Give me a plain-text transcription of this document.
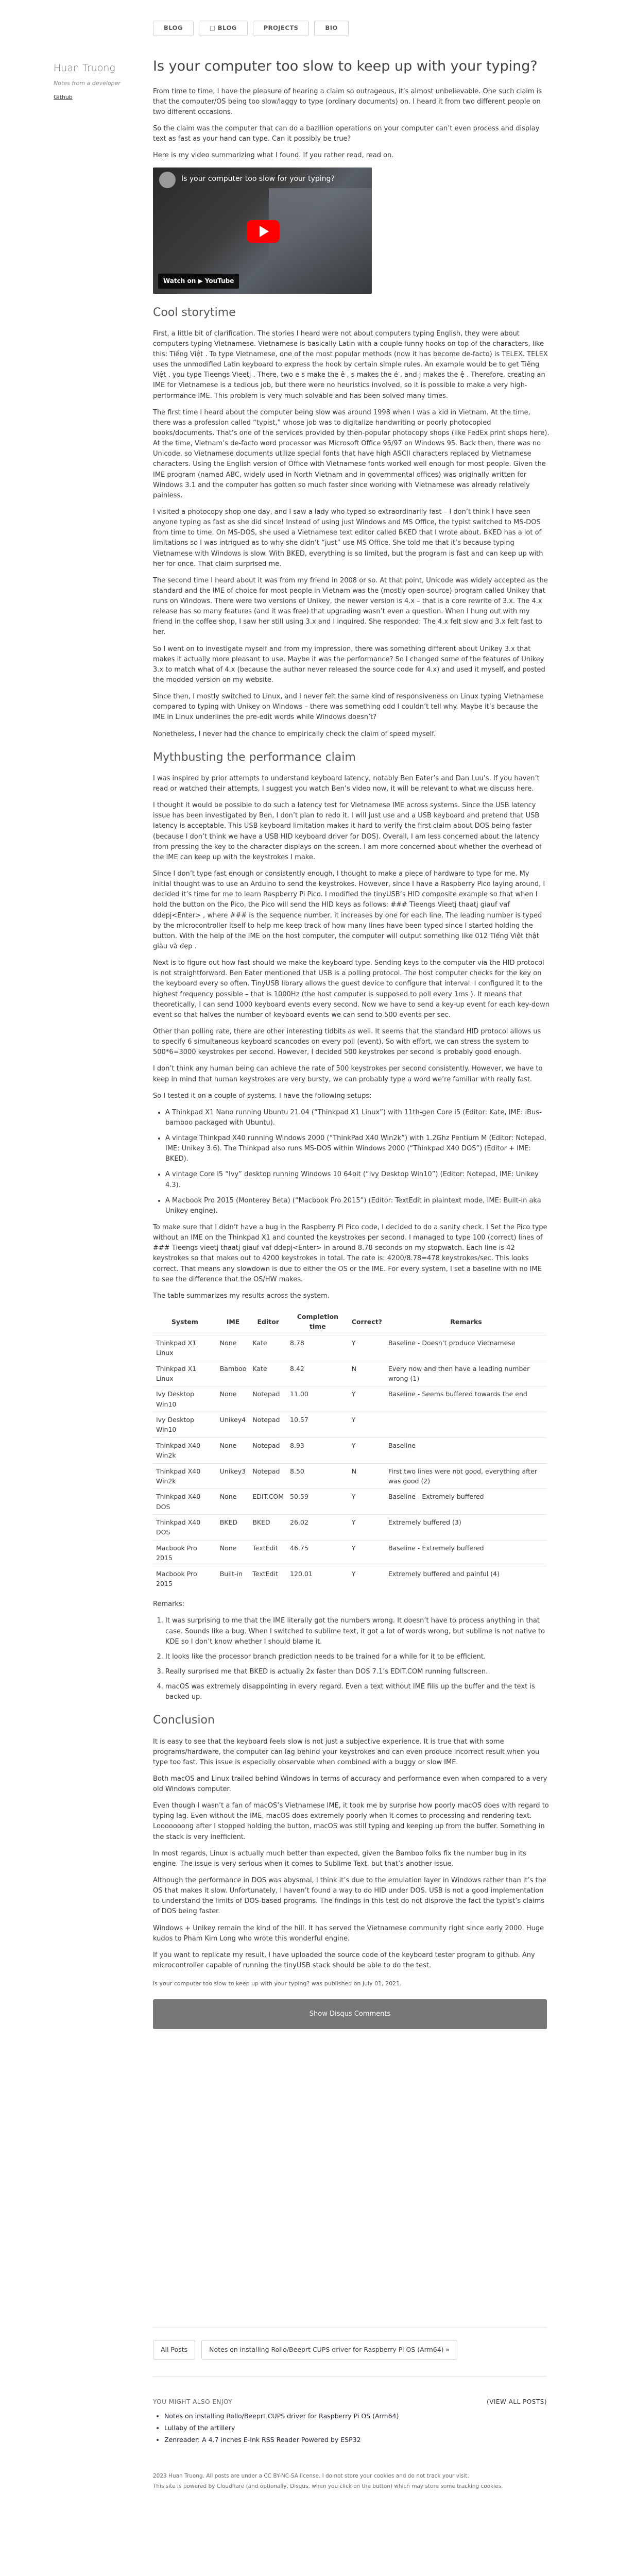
BLOG	□ BLOG	PROJECTS	BIO
Huan Truong
Notes from a developer
Github
Is your computer too slow to keep up with your typing?

From time to time, I have the pleasure of hearing a claim so outrageous, it’s almost unbelievable. One such claim is that the computer/OS being too slow/laggy to type (ordinary documents) on. I heard it from two different people on two different occasions.

So the claim was the computer that can do a bazillion operations on your computer can’t even process and display text as fast as your hand can type. Can it possibly be true?

Here is my video summarizing what I found. If you rather read, read on.

Is your computer too slow for your typing?
Watch on ▶ YouTube
Cool storytime

First, a little bit of clarification. The stories I heard were not about computers typing English, they were about computers typing Vietnamese. Vietnamese is basically Latin with a couple funny hooks on top of the characters, like this: Tiếng Việt . To type Vietnamese, one of the most popular methods (now it has become de-facto) is TELEX. TELEX uses the unmodified Latin keyboard to express the hook by certain simple rules. An example would be to get Tiếng Việt , you type Tieengs Vieetj . There, two e s make the ê , s makes the é , and j makes the ệ . Therefore, creating an IME for Vietnamese is a tedious job, but there were no heuristics involved, so it is possible to make a very high-performance IME. This problem is very much solvable and has been solved many times.

The first time I heard about the computer being slow was around 1998 when I was a kid in Vietnam. At the time, there was a profession called “typist,” whose job was to digitalize handwriting or poorly photocopied books/documents. That’s one of the services provided by then-popular photocopy shops (like FedEx print shops here). At the time, Vietnam’s de-facto word processor was Microsoft Office 95/97 on Windows 95. Back then, there was no Unicode, so Vietnamese documents utilize special fonts that have high ASCII characters replaced by Vietnamese characters. Using the English version of Office with Vietnamese fonts worked well enough for most people. Given the IME program (named ABC, widely used in North Vietnam and in governmental offices) was originally written for Windows 3.1 and the computer has gotten so much faster since working with Vietnamese was already relatively painless.

I visited a photocopy shop one day, and I saw a lady who typed so extraordinarily fast – I don’t think I have seen anyone typing as fast as she did since! Instead of using just Windows and MS Office, the typist switched to MS-DOS from time to time. On MS-DOS, she used a Vietnamese text editor called BKED that I wrote about. BKED has a lot of limitations so I was intrigued as to why she didn’t “just” use MS Office. She told me that it’s because typing Vietnamese with Windows is slow. With BKED, everything is so limited, but the program is fast and can keep up with her for once. That claim surprised me.

The second time I heard about it was from my friend in 2008 or so. At that point, Unicode was widely accepted as the standard and the IME of choice for most people in Vietnam was the (mostly open-source) program called Unikey that runs on Windows. There were two versions of Unikey, the newer version is 4.x – that is a core rewrite of 3.x. The 4.x release has so many features (and it was free) that upgrading wasn’t even a question. When I hung out with my friend in the coffee shop, I saw her still using 3.x and I inquired. She responded: The 4.x felt slow and 3.x felt fast to her.

So I went on to investigate myself and from my impression, there was something different about Unikey 3.x that makes it actually more pleasant to use. Maybe it was the performance? So I changed some of the features of Unikey 3.x to match what of 4.x (because the author never released the source code for 4.x) and used it myself, and posted the modded version on my website.

Since then, I mostly switched to Linux, and I never felt the same kind of responsiveness on Linux typing Vietnamese compared to typing with Unikey on Windows – there was something odd I couldn’t tell why. Maybe it’s because the IME in Linux underlines the pre-edit words while Windows doesn’t?

Nonetheless, I never had the chance to empirically check the claim of speed myself.

Mythbusting the performance claim

I was inspired by prior attempts to understand keyboard latency, notably Ben Eater’s and Dan Luu’s. If you haven’t read or watched their attempts, I suggest you watch Ben’s video now, it will be relevant to what we discuss here.

I thought it would be possible to do such a latency test for Vietnamese IME across systems. Since the USB latency issue has been investigated by Ben, I don’t plan to redo it. I will just use and a USB keyboard and pretend that USB latency is acceptable. This USB keyboard limitation makes it hard to verify the first claim about DOS being faster (because I don’t think we have a USB HID keyboard driver for DOS). Overall, I am less concerned about the latency from pressing the key to the character displays on the screen. I am more concerned about whether the overhead of the IME can keep up with the keystrokes I make.

Since I don’t type fast enough or consistently enough, I thought to make a piece of hardware to type for me. My initial thought was to use an Arduino to send the keystrokes. However, since I have a Raspberry Pico laying around, I decided it’s time for me to learn Raspberry Pi Pico. I modified the tinyUSB’s HID composite example so that when I hold the button on the Pico, the Pico will send the HID keys as follows: ### Tieengs Vieetj thaatj giauf vaf ddepj<Enter> , where ### is the sequence number, it increases by one for each line. The leading number is typed by the microcontroller itself to help me keep track of how many lines have been typed since I started holding the button. With the help of the IME on the host computer, the computer will output something like 012 Tiếng Việt thật giàu và đẹp .

Next is to figure out how fast should we make the keyboard type. Sending keys to the computer via the HID protocol is not straightforward. Ben Eater mentioned that USB is a polling protocol. The host computer checks for the key on the keyboard every so often. TinyUSB library allows the guest device to configure that interval. I configured it to the highest frequency possible – that is 1000Hz (the host computer is supposed to poll every 1ms ). It means that theoretically, I can send 1000 keyboard events every second. Now we have to send a key-up event for each key-down event so that halves the number of keyboard events we can send to 500 events per sec.

Other than polling rate, there are other interesting tidbits as well. It seems that the standard HID protocol allows us to specify 6 simultaneous keyboard scancodes on every poll (event). So with effort, we can stress the system to 500*6=3000 keystrokes per second. However, I decided 500 keystrokes per second is probably good enough.

I don’t think any human being can achieve the rate of 500 keystrokes per second consistently. However, we have to keep in mind that human keystrokes are very bursty, we can probably type a word we’re familiar with really fast.

So I tested it on a couple of systems. I have the following setups:

• A Thinkpad X1 Nano running Ubuntu 21.04 (“Thinkpad X1 Linux”) with 11th-gen Core i5 (Editor: Kate, IME: iBus-bamboo packaged with Ubuntu).
• A vintage Thinkpad X40 running Windows 2000 (“ThinkPad X40 Win2k”) with 1.2Ghz Pentium M (Editor: Notepad, IME: Unikey 3.6). The Thinkpad also runs MS-DOS within Windows 2000 (“Thinkpad X40 DOS”) (Editor + IME: BKED).
• A vintage Core i5 “Ivy” desktop running Windows 10 64bit (“Ivy Desktop Win10”) (Editor: Notepad, IME: Unikey 4.3).
• A Macbook Pro 2015 (Monterey Beta) (“Macbook Pro 2015”) (Editor: TextEdit in plaintext mode, IME: Built-in aka Unikey engine).

To make sure that I didn’t have a bug in the Raspberry Pi Pico code, I decided to do a sanity check. I Set the Pico type without an IME on the Thinkpad X1 and counted the keystrokes per second. I managed to type 100 (correct) lines of ### Tieengs vieetj thaatj giauf vaf ddepj<Enter> in around 8.78 seconds on my stopwatch. Each line is 42 keystrokes so that makes out to 4200 keystrokes in total. The rate is: 4200/8.78=478 keystrokes/sec. This looks correct. That means any slowdown is due to either the OS or the IME. For every system, I set a baseline with no IME to see the difference that the OS/HW makes.

The table summarizes my results across the system.

System	IME	Editor	Completion time	Correct?	Remarks
Thinkpad X1 Linux	None	Kate	8.78	Y	Baseline - Doesn’t produce Vietnamese
Thinkpad X1 Linux	Bamboo	Kate	8.42	N	Every now and then have a leading number wrong (1)
Ivy Desktop Win10	None	Notepad	11.00	Y	Baseline - Seems buffered towards the end
Ivy Desktop Win10	Unikey4	Notepad	10.57	Y	
Thinkpad X40 Win2k	None	Notepad	8.93	Y	Baseline
Thinkpad X40 Win2k	Unikey3	Notepad	8.50	N	First two lines were not good, everything after was good (2)
Thinkpad X40 DOS	None	EDIT.COM	50.59	Y	Baseline - Extremely buffered
Thinkpad X40 DOS	BKED	BKED	26.02	Y	Extremely buffered (3)
Macbook Pro 2015	None	TextEdit	46.75	Y	Baseline - Extremely buffered
Macbook Pro 2015	Built-in	TextEdit	120.01	Y	Extremely buffered and painful (4)

Remarks:

1. It was surprising to me that the IME literally got the numbers wrong. It doesn’t have to process anything in that case. Sounds like a bug. When I switched to sublime text, it got a lot of words wrong, but sublime is not native to KDE so I don’t know whether I should blame it.
2. It looks like the processor branch prediction needs to be trained for a while for it to be efficient.
3. Really surprised me that BKED is actually 2x faster than DOS 7.1’s EDIT.COM running fullscreen.
4. macOS was extremely disappointing in every regard. Even a text without IME fills up the buffer and the text is backed up.
Conclusion

It is easy to see that the keyboard feels slow is not just a subjective experience. It is true that with some programs/hardware, the computer can lag behind your keystrokes and can even produce incorrect result when you type too fast. This issue is especially observable when combined with a buggy or slow IME.

Both macOS and Linux trailed behind Windows in terms of accuracy and performance even when compared to a very old Windows computer.

Even though I wasn’t a fan of macOS’s Vietnamese IME, it took me by surprise how poorly macOS does with regard to typing lag. Even without the IME, macOS does extremely poorly when it comes to processing and rendering text. Looooooong after I stopped holding the button, macOS was still typing and keeping up from the buffer. Something in the stack is very inefficient.

In most regards, Linux is actually much better than expected, given the Bamboo folks fix the number bug in its engine. The issue is very serious when it comes to Sublime Text, but that’s another issue.

Although the performance in DOS was abysmal, I think it’s due to the emulation layer in Windows rather than it’s the OS that makes it slow. Unfortunately, I haven’t found a way to do HID under DOS. USB is not a good implementation to understand the limits of DOS-based programs. The findings in this test do not disprove the fact the typist’s claims of DOS being faster.

Windows + Unikey remain the kind of the hill. It has served the Vietnamese community right since early 2000. Huge kudos to Pham Kim Long who wrote this wonderful engine.

If you want to replicate my result, I have uploaded the source code of the keyboard tester program to github. Any microcontroller capable of running the tinyUSB stack should be able to do the test.

Is your computer too slow to keep up with your typing? was published on July 01, 2021.
Show Disqus Comments
All Posts	Notes on installing Rollo/Beeprt CUPS driver for Raspberry Pi OS (Arm64) »
YOU MIGHT ALSO ENJOY	(VIEW ALL POSTS)
• Notes on installing Rollo/Beeprt CUPS driver for Raspberry Pi OS (Arm64)
• Lullaby of the artillery
• Zenreader: A 4.7 inches E-Ink RSS Reader Powered by ESP32
2023 Huan Truong. All posts are under a CC BY-NC-SA license. I do not store your cookies and do not track your visit.
This site is powered by Cloudflare (and optionally, Disqus, when you click on the button) which may store some tracking cookies.
